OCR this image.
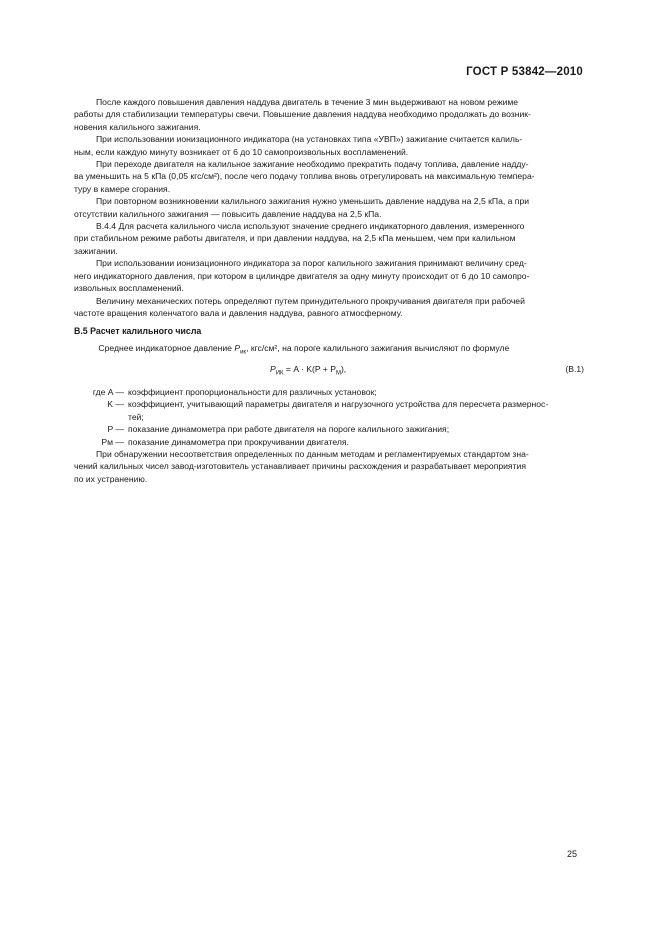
ГОСТ Р 53842—2010
После каждого повышения давления наддува двигатель в течение 3 мин выдерживают на новом режиме
работы для стабилизации температуры свечи. Повышение давления наддува необходимо продолжать до возник-
новения калильного зажигания.
При использовании ионизационного индикатора (на установках типа «УВП») зажигание считается калиль-
ным, если каждую минуту возникает от 6 до 10 самопроизвольных воспламенений.
При переходе двигателя на калильное зажигание необходимо прекратить подачу топлива, давление надду-
ва уменьшить на 5 кПа (0,05 кгс/см²), после чего подачу топлива вновь отрегулировать на максимальную темпера-
туру в камере сгорания.
При повторном возникновении калильного зажигания нужно уменьшить давление наддува на 2,5 кПа, а при
отсутствии калильного зажигания — повысить давление наддува на 2,5 кПа.
В.4.4 Для расчета калильного числа используют значение среднего индикаторного давления, измеренного
при стабильном режиме работы двигателя, и при давлении наддува, на 2,5 кПа меньшем, чем при калильном
зажигании.
При использовании ионизационного индикатора за порог калильного зажигания принимают величину сред-
него индикаторного давления, при котором в цилиндре двигателя за одну минуту происходит от 6 до 10 самопро-
извольных воспламенений.
Величину механических потерь определяют путем принудительного прокручивания двигателя при рабочей
частоте вращения коленчатого вала и давления наддува, равного атмосферному.
В.5 Расчет калильного числа
Среднее индикаторное давление $P_{ик}$, кгс/см², на пороге калильного зажигания вычисляют по формуле
$P_{ИК} = A \cdot K(P + P_М)$,	(В.1)
где A — коэффициент пропорциональности для различных установок;
K — коэффициент, учитывающий параметры двигателя и нагрузочного устройства для пересчета размернос-
тей;
P — показание динамометра при работе двигателя на пороге калильного зажигания;
Pм — показание динамометра при прокручивании двигателя.
При обнаружении несоответствия определенных по данным методам и регламентируемых стандартом зна-
чений калильных чисел завод-изготовитель устанавливает причины расхождения и разрабатывает мероприятия
по их устранению.
25
